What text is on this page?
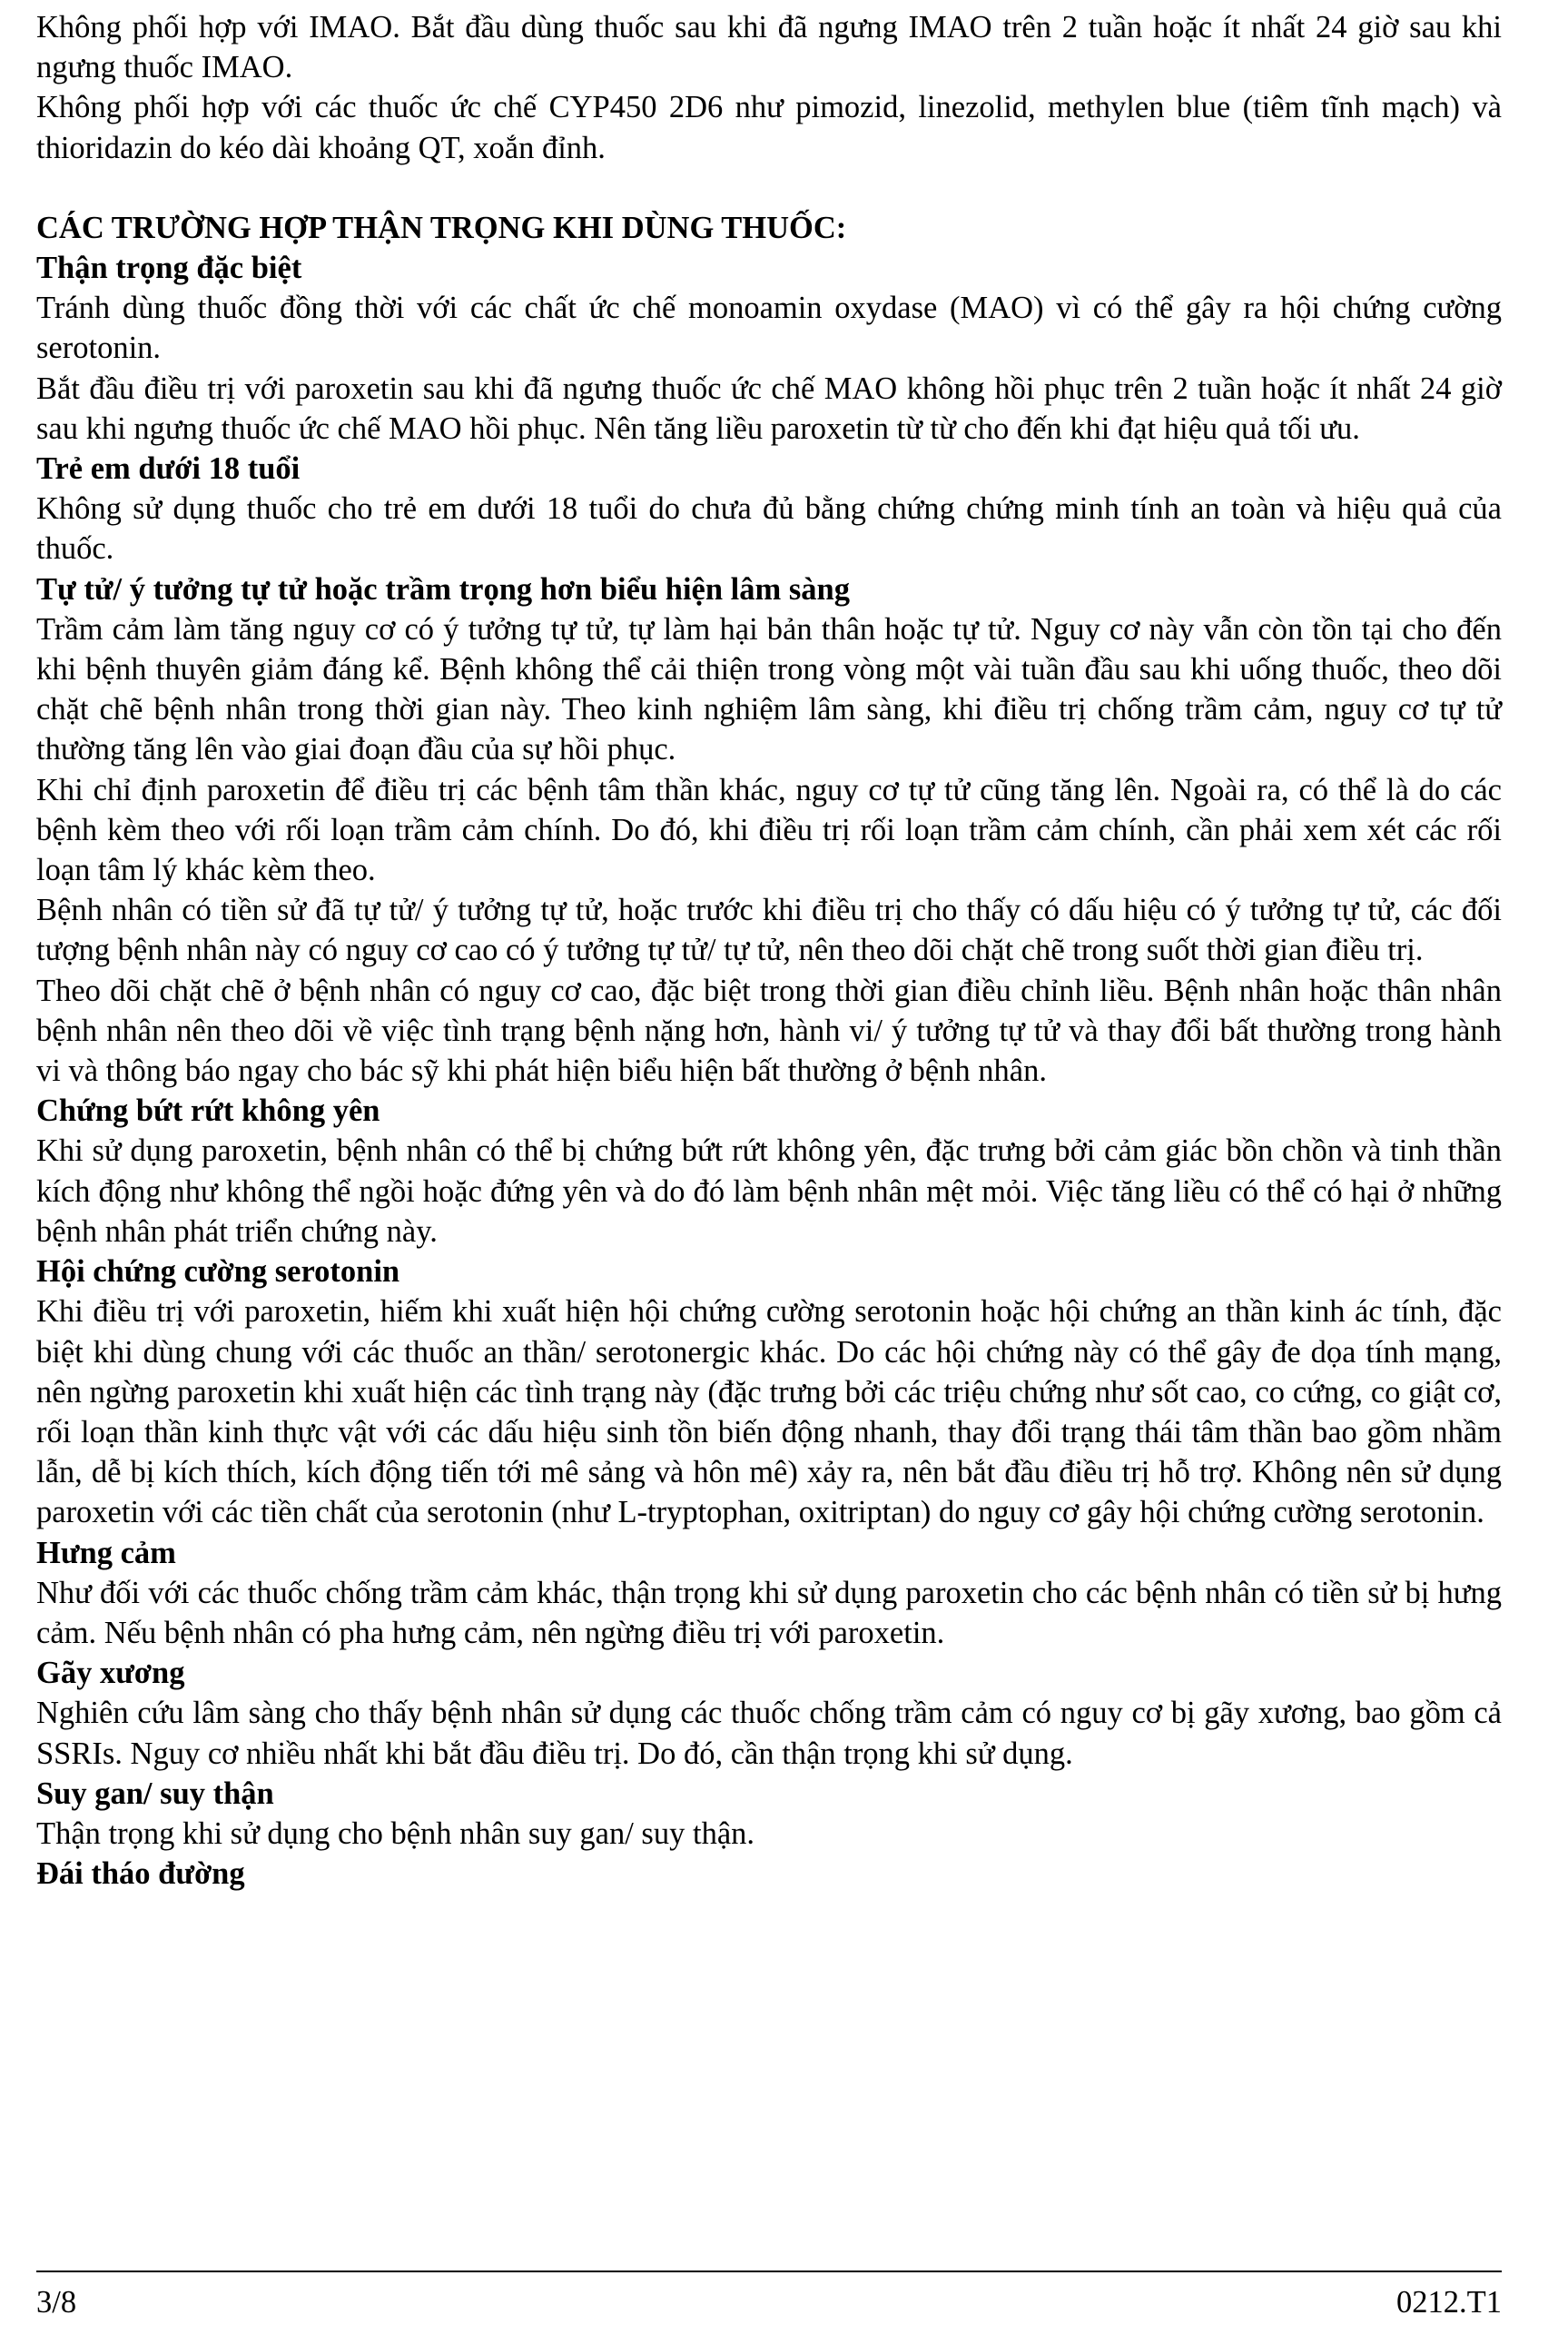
Không phối hợp với IMAO. Bắt đầu dùng thuốc sau khi đã ngưng IMAO trên 2 tuần hoặc ít nhất 24 giờ sau khi ngưng thuốc IMAO.

Không phối hợp với các thuốc ức chế CYP450 2D6 như pimozid, linezolid, methylen blue (tiêm tĩnh mạch) và thioridazin do kéo dài khoảng QT, xoắn đỉnh.

CÁC TRƯỜNG HỢP THẬN TRỌNG KHI DÙNG THUỐC:
Thận trọng đặc biệt

Tránh dùng thuốc đồng thời với các chất ức chế monoamin oxydase (MAO) vì có thể gây ra hội chứng cường serotonin.

Bắt đầu điều trị với paroxetin sau khi đã ngưng thuốc ức chế MAO không hồi phục trên 2 tuần hoặc ít nhất 24 giờ sau khi ngưng thuốc ức chế MAO hồi phục. Nên tăng liều paroxetin từ từ cho đến khi đạt hiệu quả tối ưu.

Trẻ em dưới 18 tuổi

Không sử dụng thuốc cho trẻ em dưới 18 tuổi do chưa đủ bằng chứng chứng minh tính an toàn và hiệu quả của thuốc.

Tự tử/ ý tưởng tự tử hoặc trầm trọng hơn biểu hiện lâm sàng

Trầm cảm làm tăng nguy cơ có ý tưởng tự tử, tự làm hại bản thân hoặc tự tử. Nguy cơ này vẫn còn tồn tại cho đến khi bệnh thuyên giảm đáng kể. Bệnh không thể cải thiện trong vòng một vài tuần đầu sau khi uống thuốc, theo dõi chặt chẽ bệnh nhân trong thời gian này. Theo kinh nghiệm lâm sàng, khi điều trị chống trầm cảm, nguy cơ tự tử thường tăng lên vào giai đoạn đầu của sự hồi phục.

Khi chỉ định paroxetin để điều trị các bệnh tâm thần khác, nguy cơ tự tử cũng tăng lên. Ngoài ra, có thể là do các bệnh kèm theo với rối loạn trầm cảm chính. Do đó, khi điều trị rối loạn trầm cảm chính, cần phải xem xét các rối loạn tâm lý khác kèm theo.

Bệnh nhân có tiền sử đã tự tử/ ý tưởng tự tử, hoặc trước khi điều trị cho thấy có dấu hiệu có ý tưởng tự tử, các đối tượng bệnh nhân này có nguy cơ cao có ý tưởng tự tử/ tự tử, nên theo dõi chặt chẽ trong suốt thời gian điều trị.

Theo dõi chặt chẽ ở bệnh nhân có nguy cơ cao, đặc biệt trong thời gian điều chỉnh liều. Bệnh nhân hoặc thân nhân bệnh nhân nên theo dõi về việc tình trạng bệnh nặng hơn, hành vi/ ý tưởng tự tử và thay đổi bất thường trong hành vi và thông báo ngay cho bác sỹ khi phát hiện biểu hiện bất thường ở bệnh nhân.

Chứng bứt rứt không yên

Khi sử dụng paroxetin, bệnh nhân có thể bị chứng bứt rứt không yên, đặc trưng bởi cảm giác bồn chồn và tinh thần kích động như không thể ngồi hoặc đứng yên và do đó làm bệnh nhân mệt mỏi. Việc tăng liều có thể có hại ở những bệnh nhân phát triển chứng này.

Hội chứng cường serotonin

Khi điều trị với paroxetin, hiếm khi xuất hiện hội chứng cường serotonin hoặc hội chứng an thần kinh ác tính, đặc biệt khi dùng chung với các thuốc an thần/ serotonergic khác. Do các hội chứng này có thể gây đe dọa tính mạng, nên ngừng paroxetin khi xuất hiện các tình trạng này (đặc trưng bởi các triệu chứng như sốt cao, co cứng, co giật cơ, rối loạn thần kinh thực vật với các dấu hiệu sinh tồn biến động nhanh, thay đổi trạng thái tâm thần bao gồm nhầm lẫn, dễ bị kích thích, kích động tiến tới mê sảng và hôn mê) xảy ra, nên bắt đầu điều trị hỗ trợ. Không nên sử dụng paroxetin với các tiền chất của serotonin (như L-tryptophan, oxitriptan) do nguy cơ gây hội chứng cường serotonin.

Hưng cảm

Như đối với các thuốc chống trầm cảm khác, thận trọng khi sử dụng paroxetin cho các bệnh nhân có tiền sử bị hưng cảm. Nếu bệnh nhân có pha hưng cảm, nên ngừng điều trị với paroxetin.

Gãy xương

Nghiên cứu lâm sàng cho thấy bệnh nhân sử dụng các thuốc chống trầm cảm có nguy cơ bị gãy xương, bao gồm cả SSRIs. Nguy cơ nhiều nhất khi bắt đầu điều trị. Do đó, cần thận trọng khi sử dụng.

Suy gan/ suy thận

Thận trọng khi sử dụng cho bệnh nhân suy gan/ suy thận.

Đái tháo đường
3/8	0212.T1
